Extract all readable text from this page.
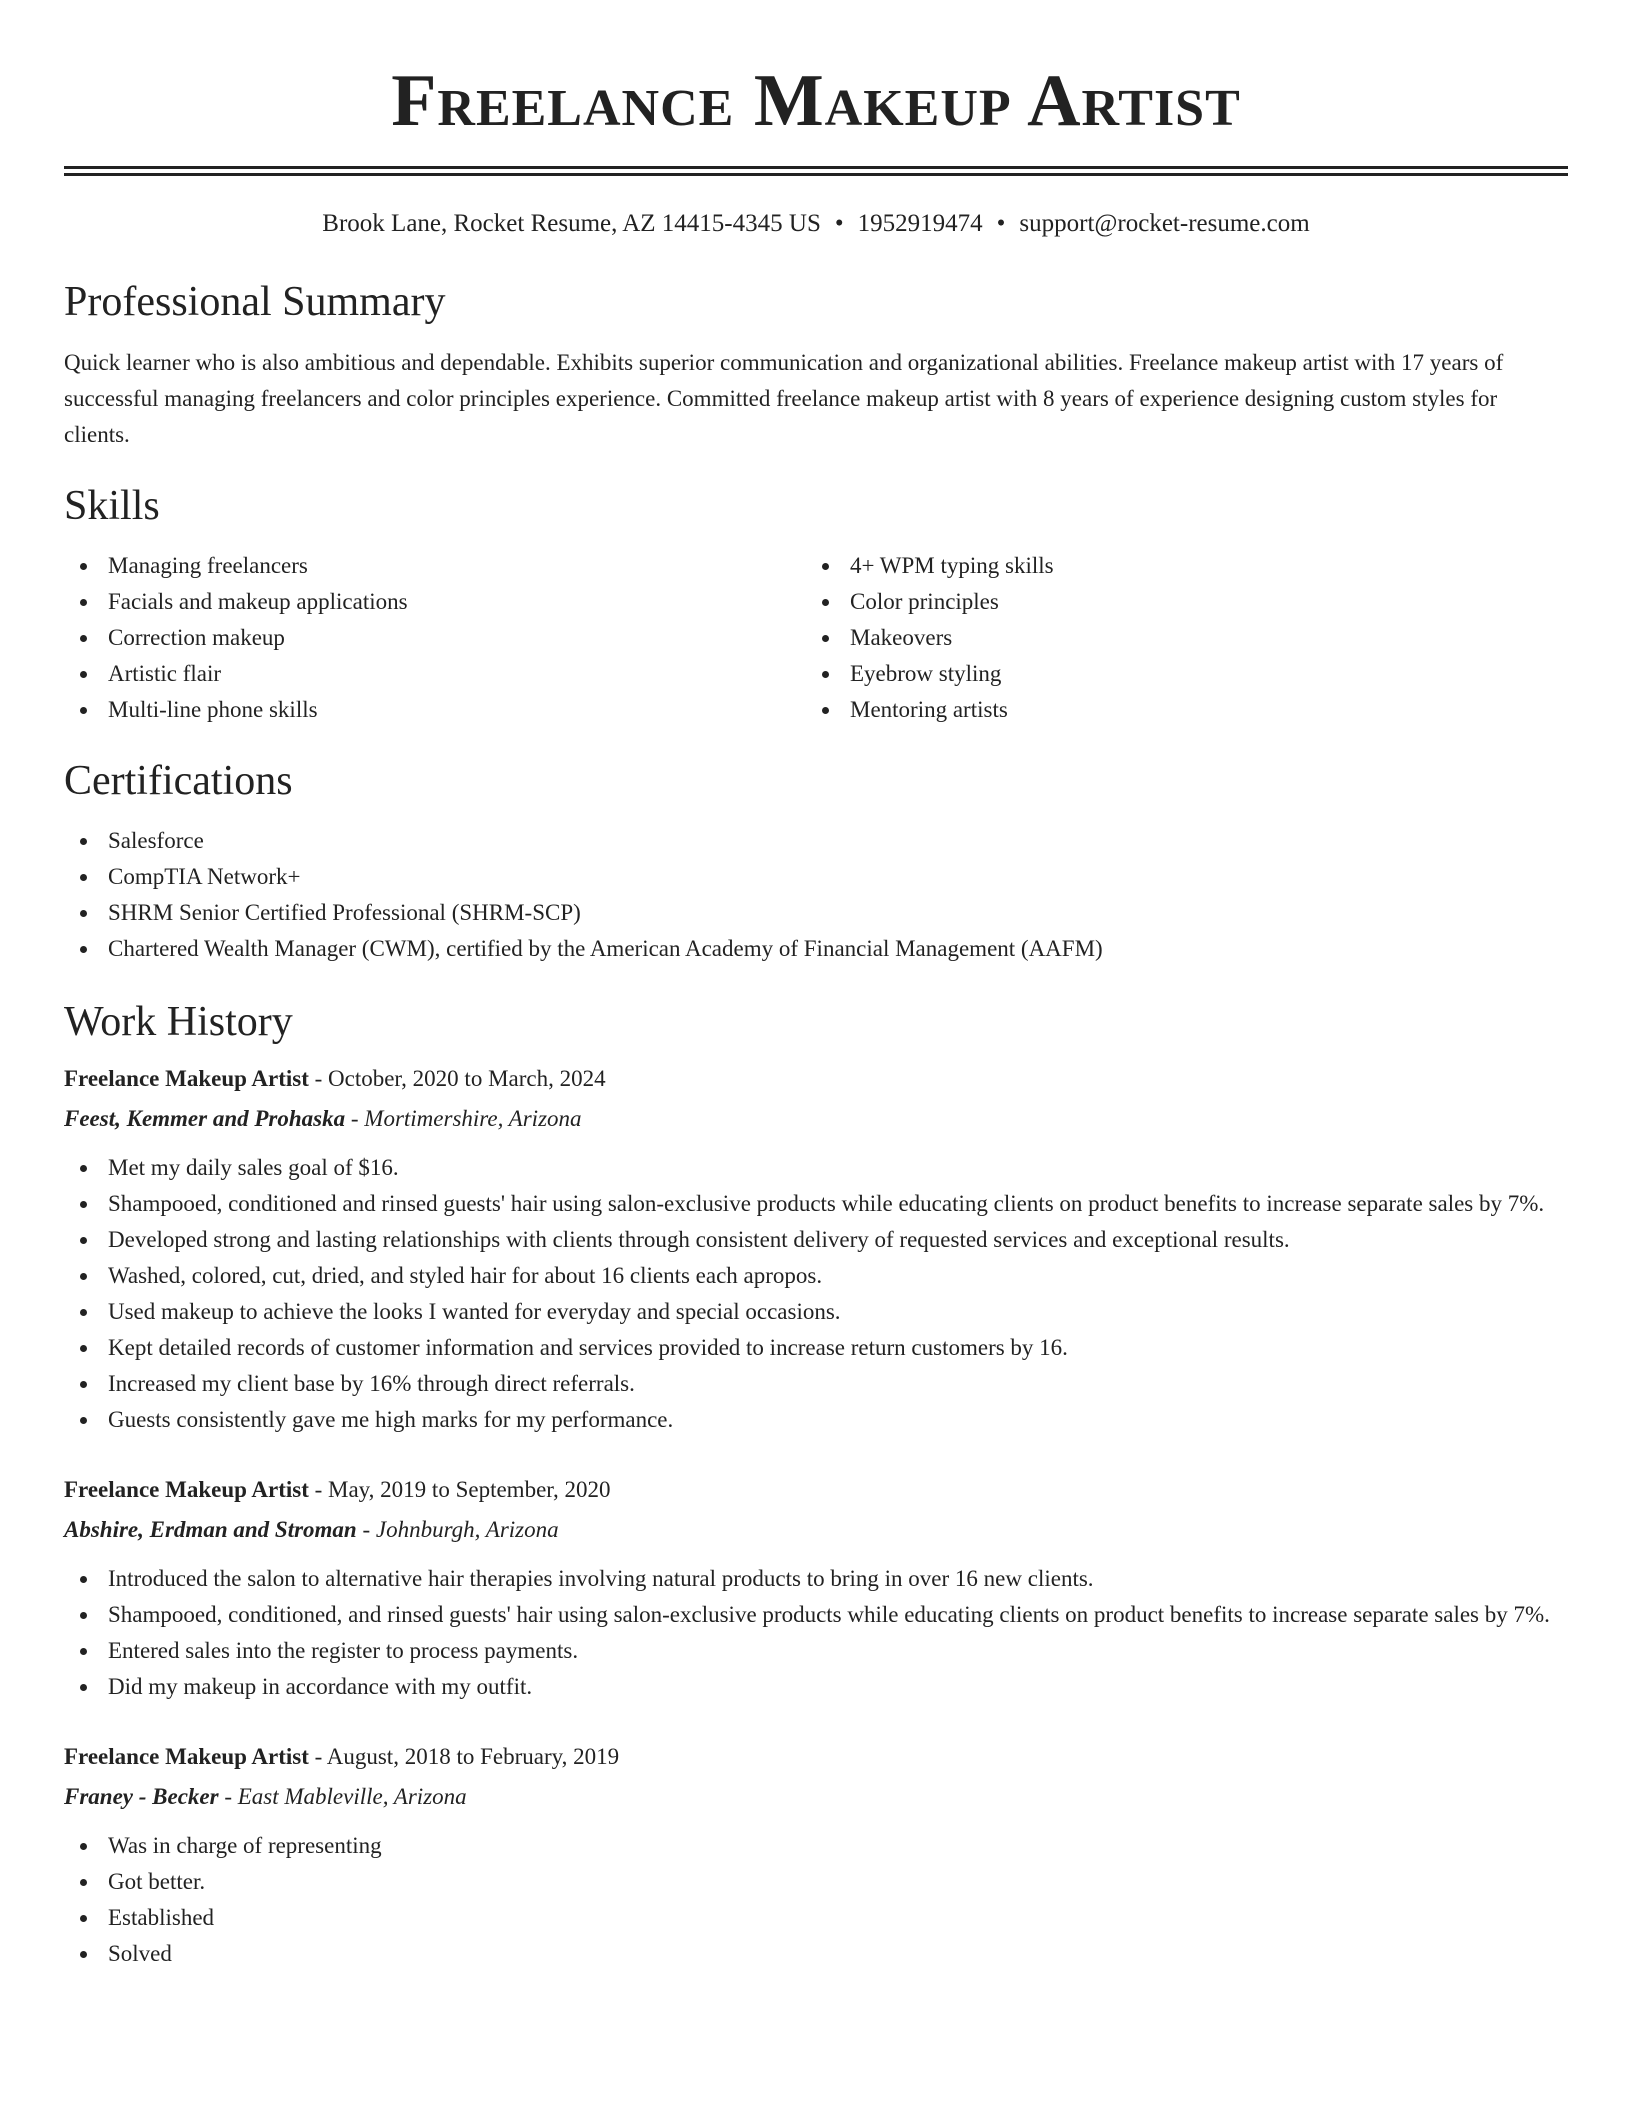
Freelance Makeup Artist
Brook Lane, Rocket Resume, AZ 14415-4345 US • 1952919474 • support@rocket-resume.com
Professional Summary

Quick learner who is also ambitious and dependable. Exhibits superior communication and organizational abilities. Freelance makeup artist with 17 years of successful managing freelancers and color principles experience. Committed freelance makeup artist with 8 years of experience designing custom styles for clients.

Skills
Managing freelancers
Facials and makeup applications
Correction makeup
Artistic flair
Multi-line phone skills
4+ WPM typing skills
Color principles
Makeovers
Eyebrow styling
Mentoring artists
Certifications
Salesforce
CompTIA Network+
SHRM Senior Certified Professional (SHRM-SCP)
Chartered Wealth Manager (CWM), certified by the American Academy of Financial Management (AAFM)
Work History
Freelance Makeup Artist - October, 2020 to March, 2024
Feest, Kemmer and Prohaska - Mortimershire, Arizona
Met my daily sales goal of $16.
Shampooed, conditioned and rinsed guests' hair using salon-exclusive products while educating clients on product benefits to increase separate sales by 7%.
Developed strong and lasting relationships with clients through consistent delivery of requested services and exceptional results.
Washed, colored, cut, dried, and styled hair for about 16 clients each apropos.
Used makeup to achieve the looks I wanted for everyday and special occasions.
Kept detailed records of customer information and services provided to increase return customers by 16.
Increased my client base by 16% through direct referrals.
Guests consistently gave me high marks for my performance.
Freelance Makeup Artist - May, 2019 to September, 2020
Abshire, Erdman and Stroman - Johnburgh, Arizona
Introduced the salon to alternative hair therapies involving natural products to bring in over 16 new clients.
Shampooed, conditioned, and rinsed guests' hair using salon-exclusive products while educating clients on product benefits to increase separate sales by 7%.
Entered sales into the register to process payments.
Did my makeup in accordance with my outfit.
Freelance Makeup Artist - August, 2018 to February, 2019
Franey - Becker - East Mableville, Arizona
Was in charge of representing
Got better.
Established
Solved
